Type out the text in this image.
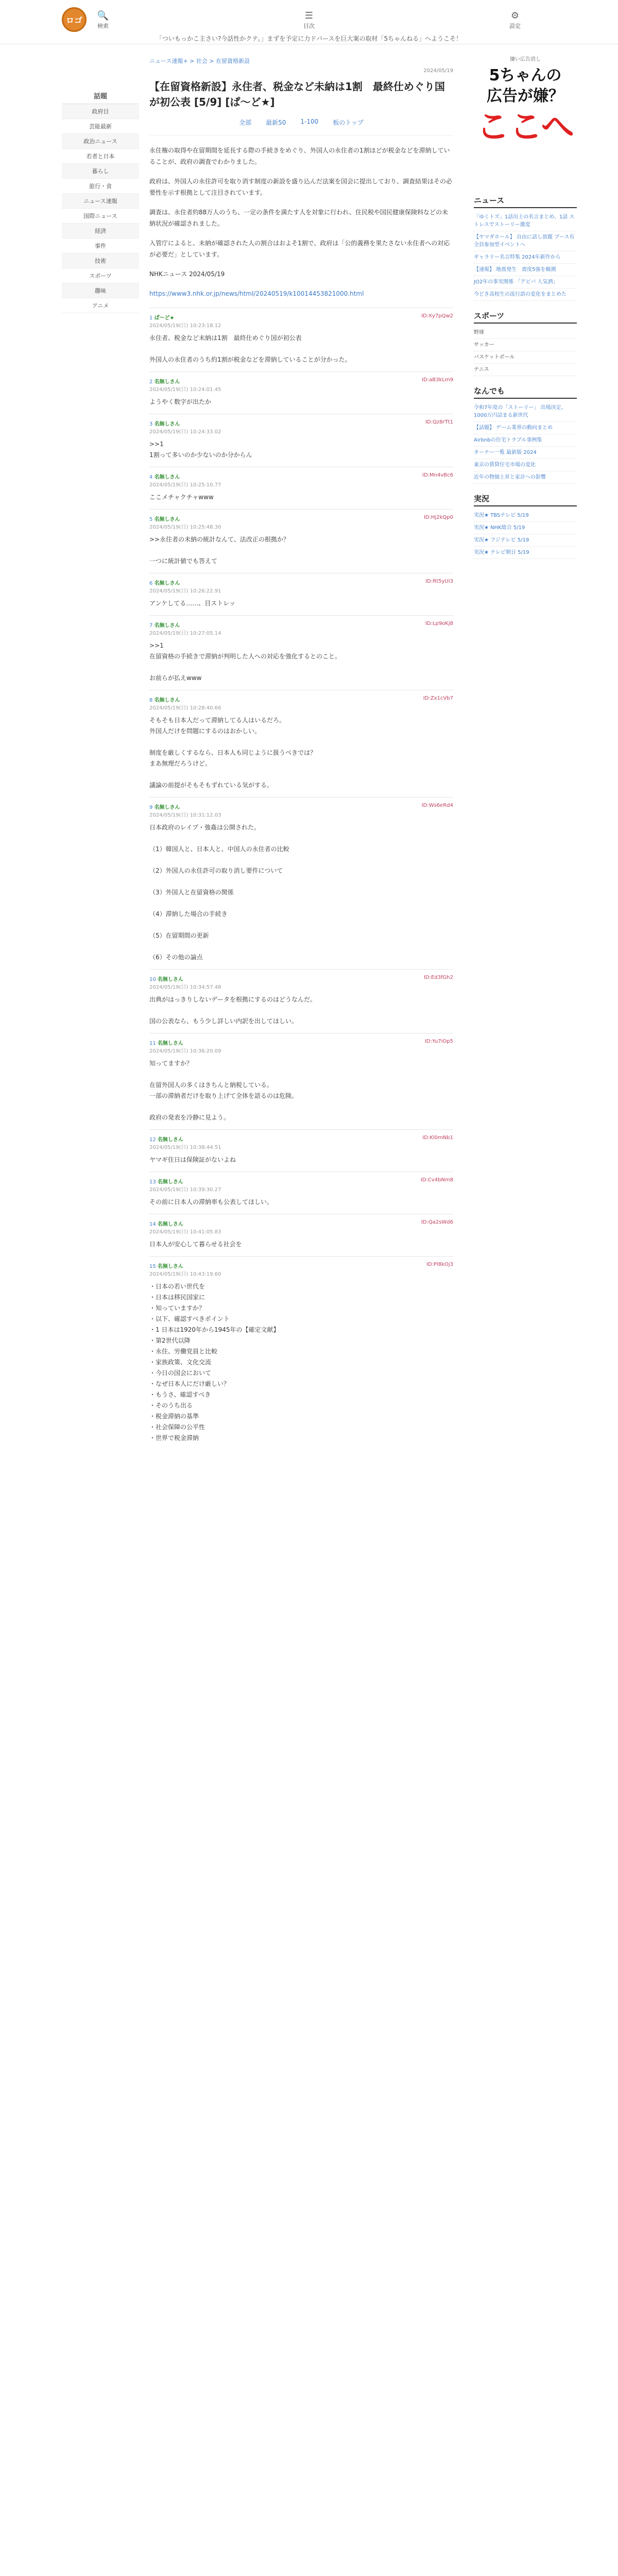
ロゴ	🔍
検索
☰
目次
⚙
設定
「ついもっかこ主さい?今話性かクテ。」まずを予定に力ドバースを巨大案の取材「5ちゃんねる」へようこそ！
話題
政府目
芸能最新
政治ニュース
若者と日本
暮らし
旅行・食
ニュース速報
国際ニュース
経済
事件
技術
スポーツ
趣味
アニメ
ニュース速報+ > 社会 > 在留資格新設
2024/05/19
【在留資格新設】永住者、税金など未納は1割　最終仕めぐり国が初公表 [5/9] [ぱ～ど★]
全部 最新50 1-100 板のトップ

永住権の取得や在留期間を延長する際の手続きをめぐり、外国人の永住者の1割ほどが税金などを滞納していることが、政府の調査でわかりました。

政府は、外国人の永住許可を取り消す制度の新設を盛り込んだ法案を国会に提出しており、調査結果はその必要性を示す根拠として注目されています。

調査は、永住者約88万人のうち、一定の条件を満たす人を対象に行われ、住民税や国民健康保険料などの未納状況が確認されました。

入管庁によると、未納が確認された人の割合はおよそ1割で、政府は「公的義務を果たさない永住者への対応が必要だ」としています。

NHKニュース 2024/05/19

https://www3.nhk.or.jp/news/html/20240519/k10014453821000.html

1 ぱ～ど★	ID:Xy7pQw2
2024/05/19(日) 10:23:18.12
永住者、税金など未納は1割　最終仕めぐり国が初公表

外国人の永住者のうち約1割が税金などを滞納していることが分かった。
2 名無しさん	ID:aB3kLm9
2024/05/19(日) 10:24:01.45
ようやく数字が出たか
3 名無しさん	ID:Qz8rTt1
2024/05/19(日) 10:24:33.02
>>1
1割って多いのか少ないのか分からん
4 名無しさん	ID:Mn4vBc6
2024/05/19(日) 10:25:10.77
ここメチャクチャwww
5 名無しさん	ID:Hj2kQp0
2024/05/19(日) 10:25:48.30
>>永住者の未納の統計なんて、法改正の根拠か？

一つに統計値でも答えて
6 名無しさん	ID:Rt5yUi3
2024/05/19(日) 10:26:22.91
アンケしてる……、目ストレッ
7 名無しさん	ID:Lp9oKj8
2024/05/19(日) 10:27:05.14
>>1
在留資格の手続きで滞納が判明した人への対応を強化するとのこと。

お前らが払えwww
8 名無しさん	ID:Zx1cVb7
2024/05/19(日) 10:28:40.66
そもそも日本人だって滞納してる人はいるだろ。
外国人だけを問題にするのはおかしい。

制度を厳しくするなら、日本人も同じように扱うべきでは？
まあ無理だろうけど。

議論の前提がそもそもずれている気がする。
9 名無しさん	ID:Ws6eRd4
2024/05/19(日) 10:31:12.03
日本政府のレイプ・強姦は公開された。

（1）韓国人と、日本人と、中国人の永住者の比較

（2）外国人の永住許可の取り消し要件について

（3）外国人と在留資格の関係

（4）滞納した場合の手続き

（5）在留期間の更新

（6）その他の論点
10 名無しさん	ID:Ed3fGh2
2024/05/19(日) 10:34:57.48
出典がはっきりしないデータを根拠にするのはどうなんだ。

国の公表なら、もう少し詳しい内訳を出してほしい。
11 名無しさん	ID:Yu7iOp5
2024/05/19(日) 10:36:20.09
知ってますか？

在留外国人の多くはきちんと納税している。
一部の滞納者だけを取り上げて全体を語るのは危険。

政府の発表を冷静に見よう。
12 名無しさん	ID:Kl0mNb1
2024/05/19(日) 10:38:44.51
ヤマギ住日は保険証がないよね
13 名無しさん	ID:Cv4bNm8
2024/05/19(日) 10:39:30.27
その前に日本人の滞納率も公表してほしい。
14 名無しさん	ID:Qa2sWd6
2024/05/19(日) 10:41:05.83
日本人が安心して暮らせる社会を
15 名無しさん	ID:Pl8kOj3
2024/05/19(日) 10:43:19.60
・日本の若い世代を
・日本は移民国家に
・知っていますか？
・以下、確認すべきポイント
・1 日本は1920年から1945年の【確定文献】
・第2世代以降
・永住、労働党員と比較
・家族政策、文化交流
・今日の国会において
・なぜ日本人にだけ厳しい？
・もうさ、確認すべき
・そのうち出る
・税金滞納の基準
・社会保障の公平性
・世界で税金滞納
嫌い広告消し
5ちゃんの
広告が嫌？
ここへ
ニュース
「ゆくトズ」1話出土の名言まとめ、1話 ストレスでストーリー激変
【ヤマダホール】 自由に話し放題 ブース有 全員参加型イベントへ
ギャラリー名言特集 2024年新作から
【速報】 地震発生　震度5強を観測
JO2年の事実関係 「アビバ 人気酒」
今どき高校生の流行語の変化をまとめた
スポーツ
野球
サッカー
バスケットボール
テニス
なんでも
令和7年度の「ストーリー」 出場決定、1000万円詰まる新世代
【話題】 ゲーム業界の動向まとめ
Airbnbの住宅トラブル事例集
オーナー一覧 最新版 2024
東京の賃貸住宅市場の変化
近年の物価上昇と家計への影響
実況
実況★ TBSテレビ 5/19
実況★ NHK総合 5/19
実況★ フジテレビ 5/19
実況★ テレビ朝日 5/19
